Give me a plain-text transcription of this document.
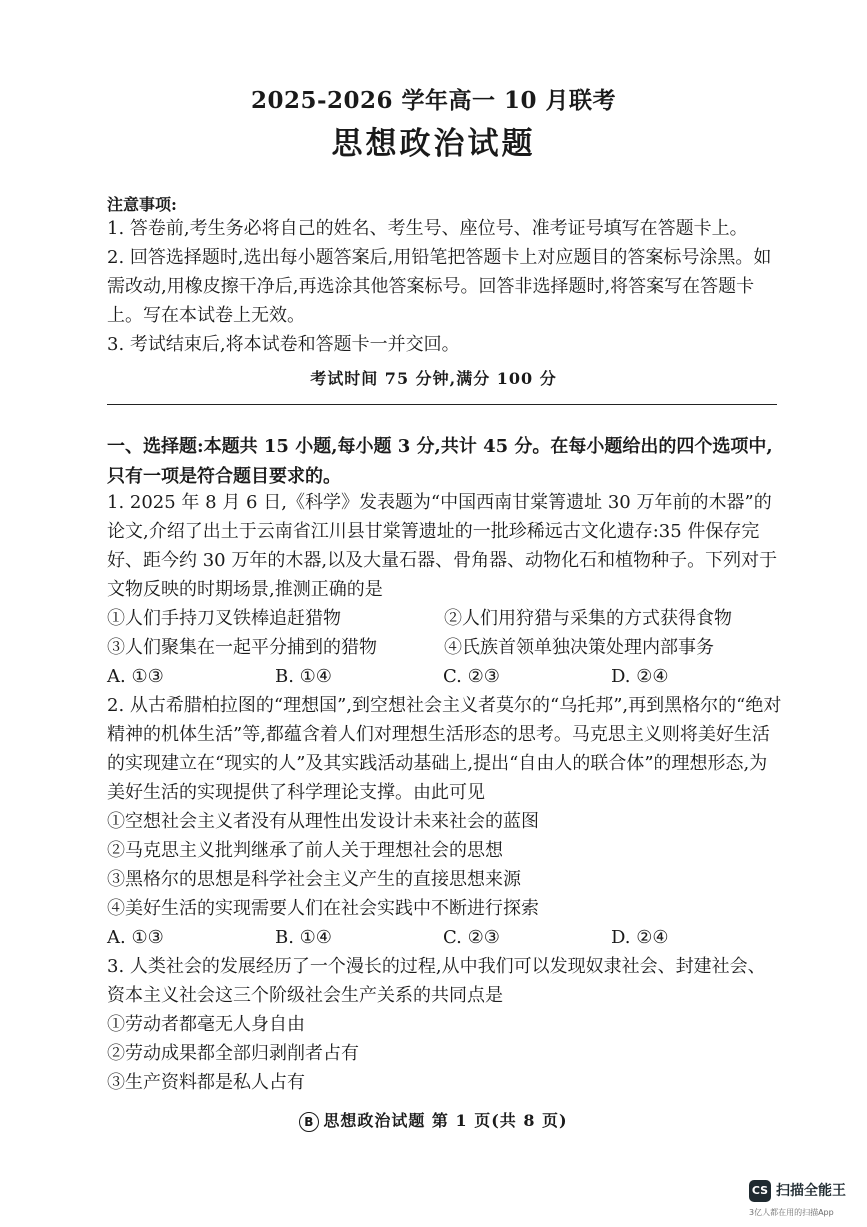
2025-2026 学年高一 10 月联考
思想政治试题
注意事项:

1. 答卷前,考生务必将自己的姓名、考生号、座位号、准考证号填写在答题卡上。

2. 回答选择题时,选出每小题答案后,用铅笔把答题卡上对应题目的答案标号涂黑。如需改动,用橡皮擦干净后,再选涂其他答案标号。回答非选择题时,将答案写在答题卡上。写在本试卷上无效。

3. 考试结束后,将本试卷和答题卡一并交回。

考试时间 75 分钟,满分 100 分
一、选择题:本题共 15 小题,每小题 3 分,共计 45 分。在每小题给出的四个选项中,只有一项是符合题目要求的。

1. 2025 年 8 月 6 日,《科学》发表题为“中国西南甘棠箐遗址 30 万年前的木器”的论文,介绍了出土于云南省江川县甘棠箐遗址的一批珍稀远古文化遗存:35 件保存完好、距今约 30 万年的木器,以及大量石器、骨角器、动物化石和植物种子。下列对于文物反映的时期场景,推测正确的是

①人们手持刀叉铁棒追赶猎物	②人们用狩猎与采集的方式获得食物
③人们聚集在一起平分捕到的猎物	④氏族首领单独决策处理内部事务
A. ①③	B. ①④	C. ②③	D. ②④

2. 从古希腊柏拉图的“理想国”,到空想社会主义者莫尔的“乌托邦”,再到黑格尔的“绝对精神的机体生活”等,都蕴含着人们对理想生活形态的思考。马克思主义则将美好生活的实现建立在“现实的人”及其实践活动基础上,提出“自由人的联合体”的理想形态,为美好生活的实现提供了科学理论支撑。由此可见

①空想社会主义者没有从理性出发设计未来社会的蓝图

②马克思主义批判继承了前人关于理想社会的思想

③黑格尔的思想是科学社会主义产生的直接思想来源

④美好生活的实现需要人们在社会实践中不断进行探索

A. ①③	B. ①④	C. ②③	D. ②④

3. 人类社会的发展经历了一个漫长的过程,从中我们可以发现奴隶社会、封建社会、资本主义社会这三个阶级社会生产关系的共同点是

①劳动者都毫无人身自由

②劳动成果都全部归剥削者占有

③生产资料都是私人占有

B 思想政治试题 第 1 页(共 8 页)
CS 扫描全能王
3亿人都在用的扫描App
